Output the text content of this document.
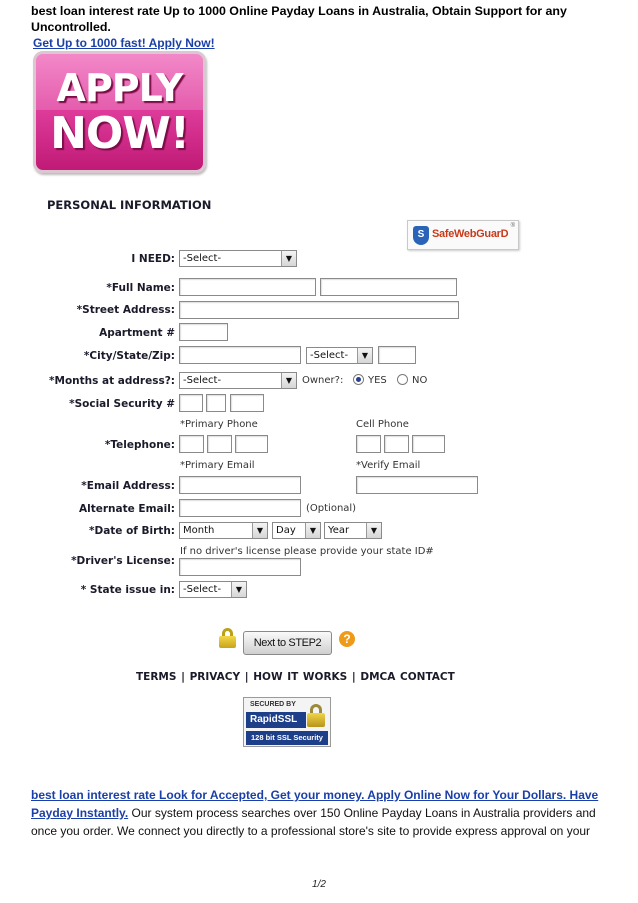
best loan interest rate Up to 1000 Online Payday Loans in Australia, Obtain Support for any Uncontrolled.
Get Up to 1000 fast! Apply Now!
APPLY
NOW!
PERSONAL INFORMATION
S SafeWebGuarD
®
I NEED: -Select-	▼
*Full Name:
*Street Address:
Apartment #
*City/State/Zip:	-Select-	▼
*Months at address?: -Select-	▼ Owner?: YES	NO
*Social Security #
*Primary Phone	Cell Phone
*Telephone:
*Primary Email	*Verify Email
*Email Address:
Alternate Email:	(Optional)
*Date of Birth: Month	▼	Day	▼	Year	▼
If no driver's license please provide your state ID#
*Driver's License:
* State issue in: -Select-	▼
Next to STEP2	?
TERMS | PRIVACY | HOW IT WORKS | DMCA CONTACT
SECURED BY
RapidSSL
128 bit SSL Security
best loan interest rate Look for Accepted, Get your money. Apply Online Now for Your Dollars. Have Payday Instantly. Our system process searches over 150 Online Payday Loans in Australia providers and once you order. We connect you directly to a professional store's site to provide express approval on your
1/2
